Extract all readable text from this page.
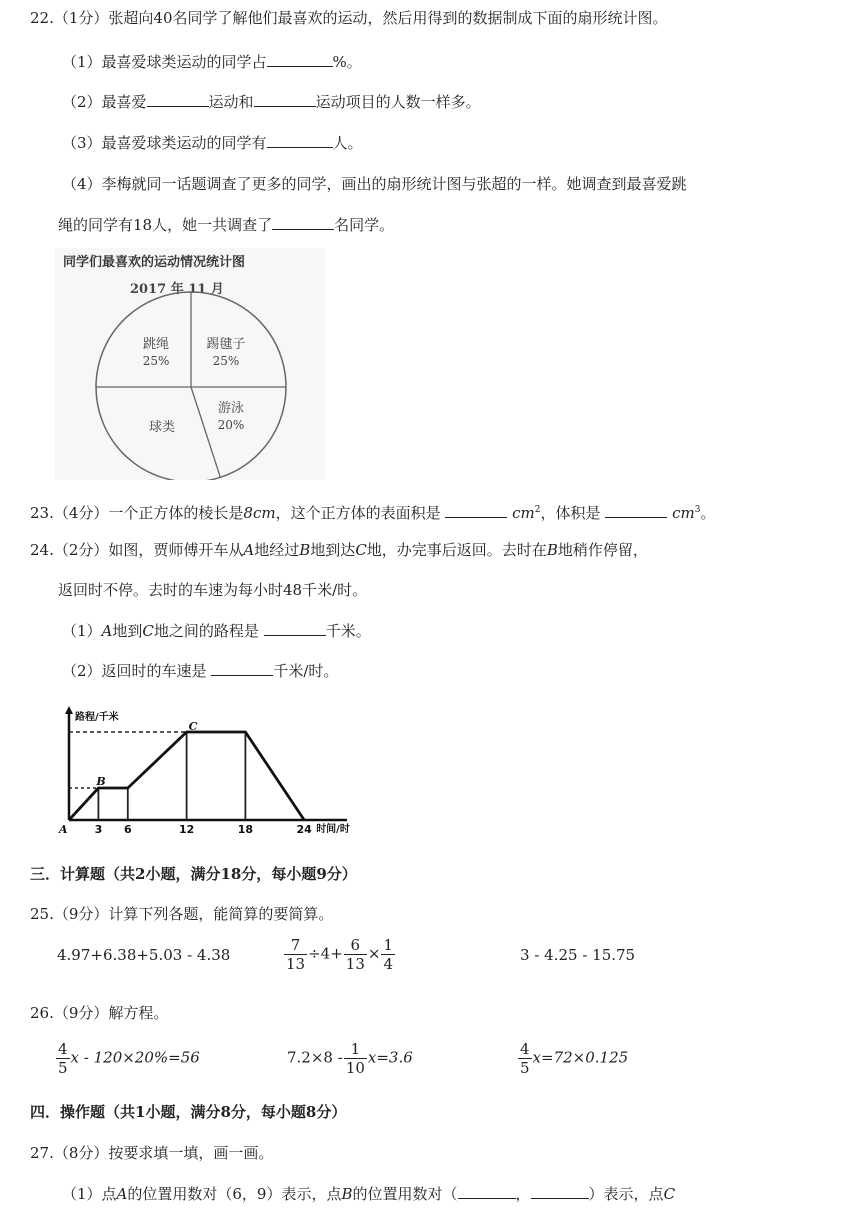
22.（1分）张超向40名同学了解他们最喜欢的运动，然后用得到的数据制成下面的扇形统计图。
（1）最喜爱球类运动的同学占	%。
（2）最喜爱	运动和	运动项目的人数一样多。
（3）最喜爱球类运动的同学有	人。
（4）李梅就同一话题调查了更多的同学，画出的扇形统计图与张超的一样。她调查到最喜爱跳
绳的同学有18人，她一共调查了	名同学。
同学们最喜欢的运动情况统计图
2017 年 11 月
跳绳
25%
踢毽子
25%
游泳
20%
球类
23.（4分）一个正方体的棱长是8cm，这个正方体的表面积是	$cm^2$，体积是	$cm^3$。
24.（2分）如图，贾师傅开车从A地经过B地到达C地，办完事后返回。去时在B地稍作停留，
返回时不停。去时的车速为每小时48千米/时。
（1）A地到C地之间的路程是	千米。
（2）返回时的车速是	千米/时。
路程/千米
时间/时
3 6	12	18	24
A
B
C
三．计算题（共2小题，满分18分，每小题9分）
25.（9分）计算下列各题，能简算的要简算。
4.97+6.38+5.03 - 4.38	$\frac{7}{13} \div 4+ \frac{6}{13} \times \frac{1}{4}$	3 - 4.25 - 15.75
26.（9分）解方程。
$\frac{4}{5}$ x - 120×20%=56	$7.2\times 8 - \frac{1}{10} x=3.6$	$\frac{4}{5} x=72\times 0.125$
四．操作题（共1小题，满分8分，每小题8分）
27.（8分）按要求填一填，画一画。
（1）点A的位置用数对（6，9）表示，点B的位置用数对（	，	）表示，点C
